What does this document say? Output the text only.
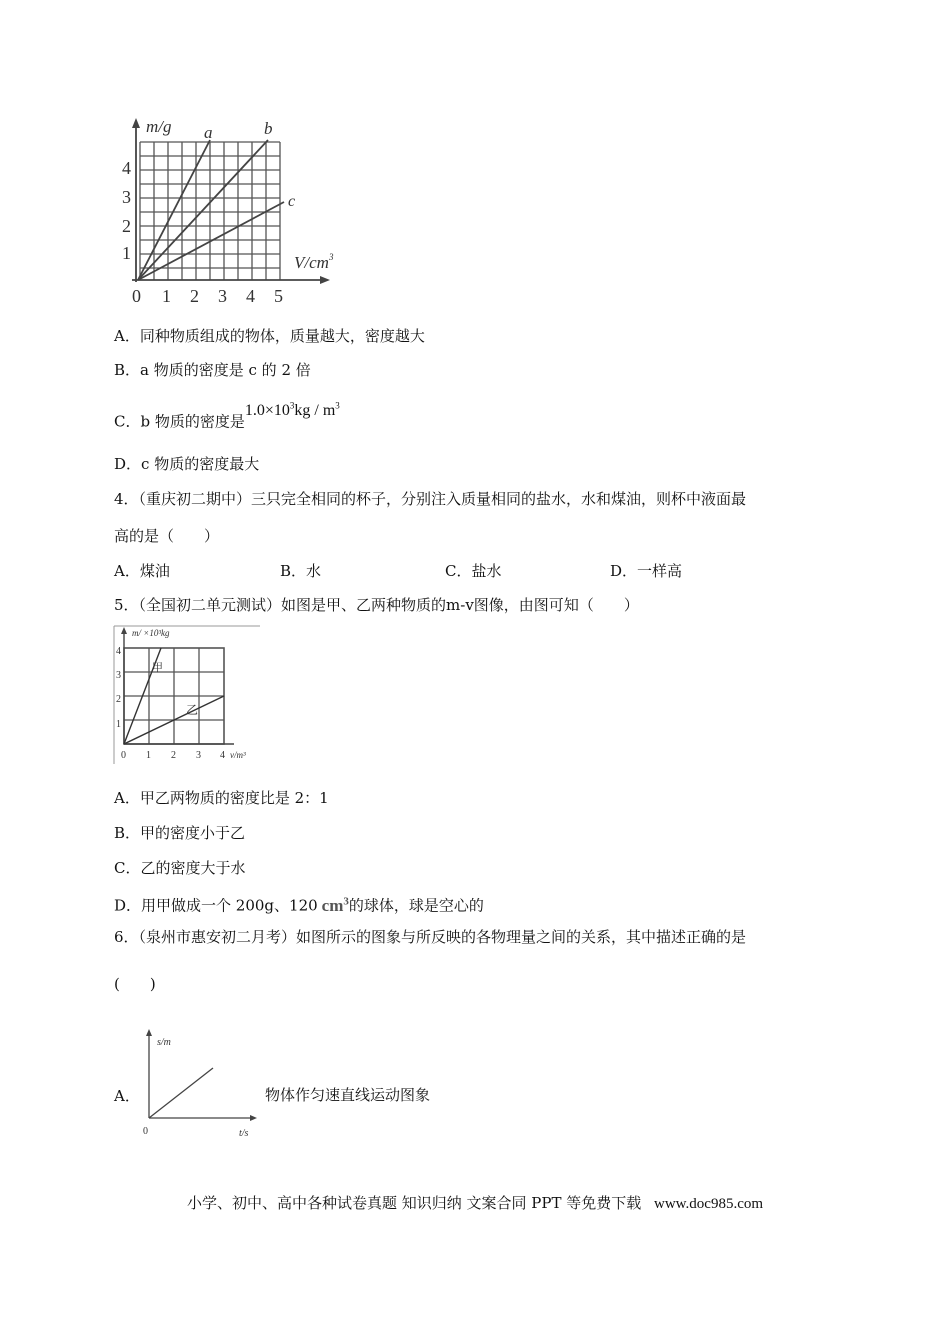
m/g a	b
c
$V/cm^3$
1
2
3
4
0 1 2 3 4 5
A．同种物质组成的物体，质量越大，密度越大
B．a 物质的密度是 c 的 2 倍
C．b 物质的密度是$1.0\times 10^3kg / m^3$
D．c 物质的密度最大
4．（重庆初二期中）三只完全相同的杯子，分别注入质量相同的盐水，水和煤油，则杯中液面最
高的是（　　）
A．煤油	B．水	C．盐水	D．一样高
5．（全国初二单元测试）如图是甲、乙两种物质的m-v图像，由图可知（　　）
m/ ×10³kg
甲
乙
1
2
3
4
0 1 2 3 4 v/m³
A．甲乙两物质的密度比是 2：1
B．甲的密度小于乙
C．乙的密度大于水
D．用甲做成一个 200g、120 $cm^3$的球体，球是空心的
6．（泉州市惠安初二月考）如图所示的图象与所反映的各物理量之间的关系，其中描述正确的是
(　　)
A．
s/m
0	t/s
物体作匀速直线运动图象
小学、初中、高中各种试卷真题 知识归纳 文案合同 PPT 等免费下载 www.doc985.com
